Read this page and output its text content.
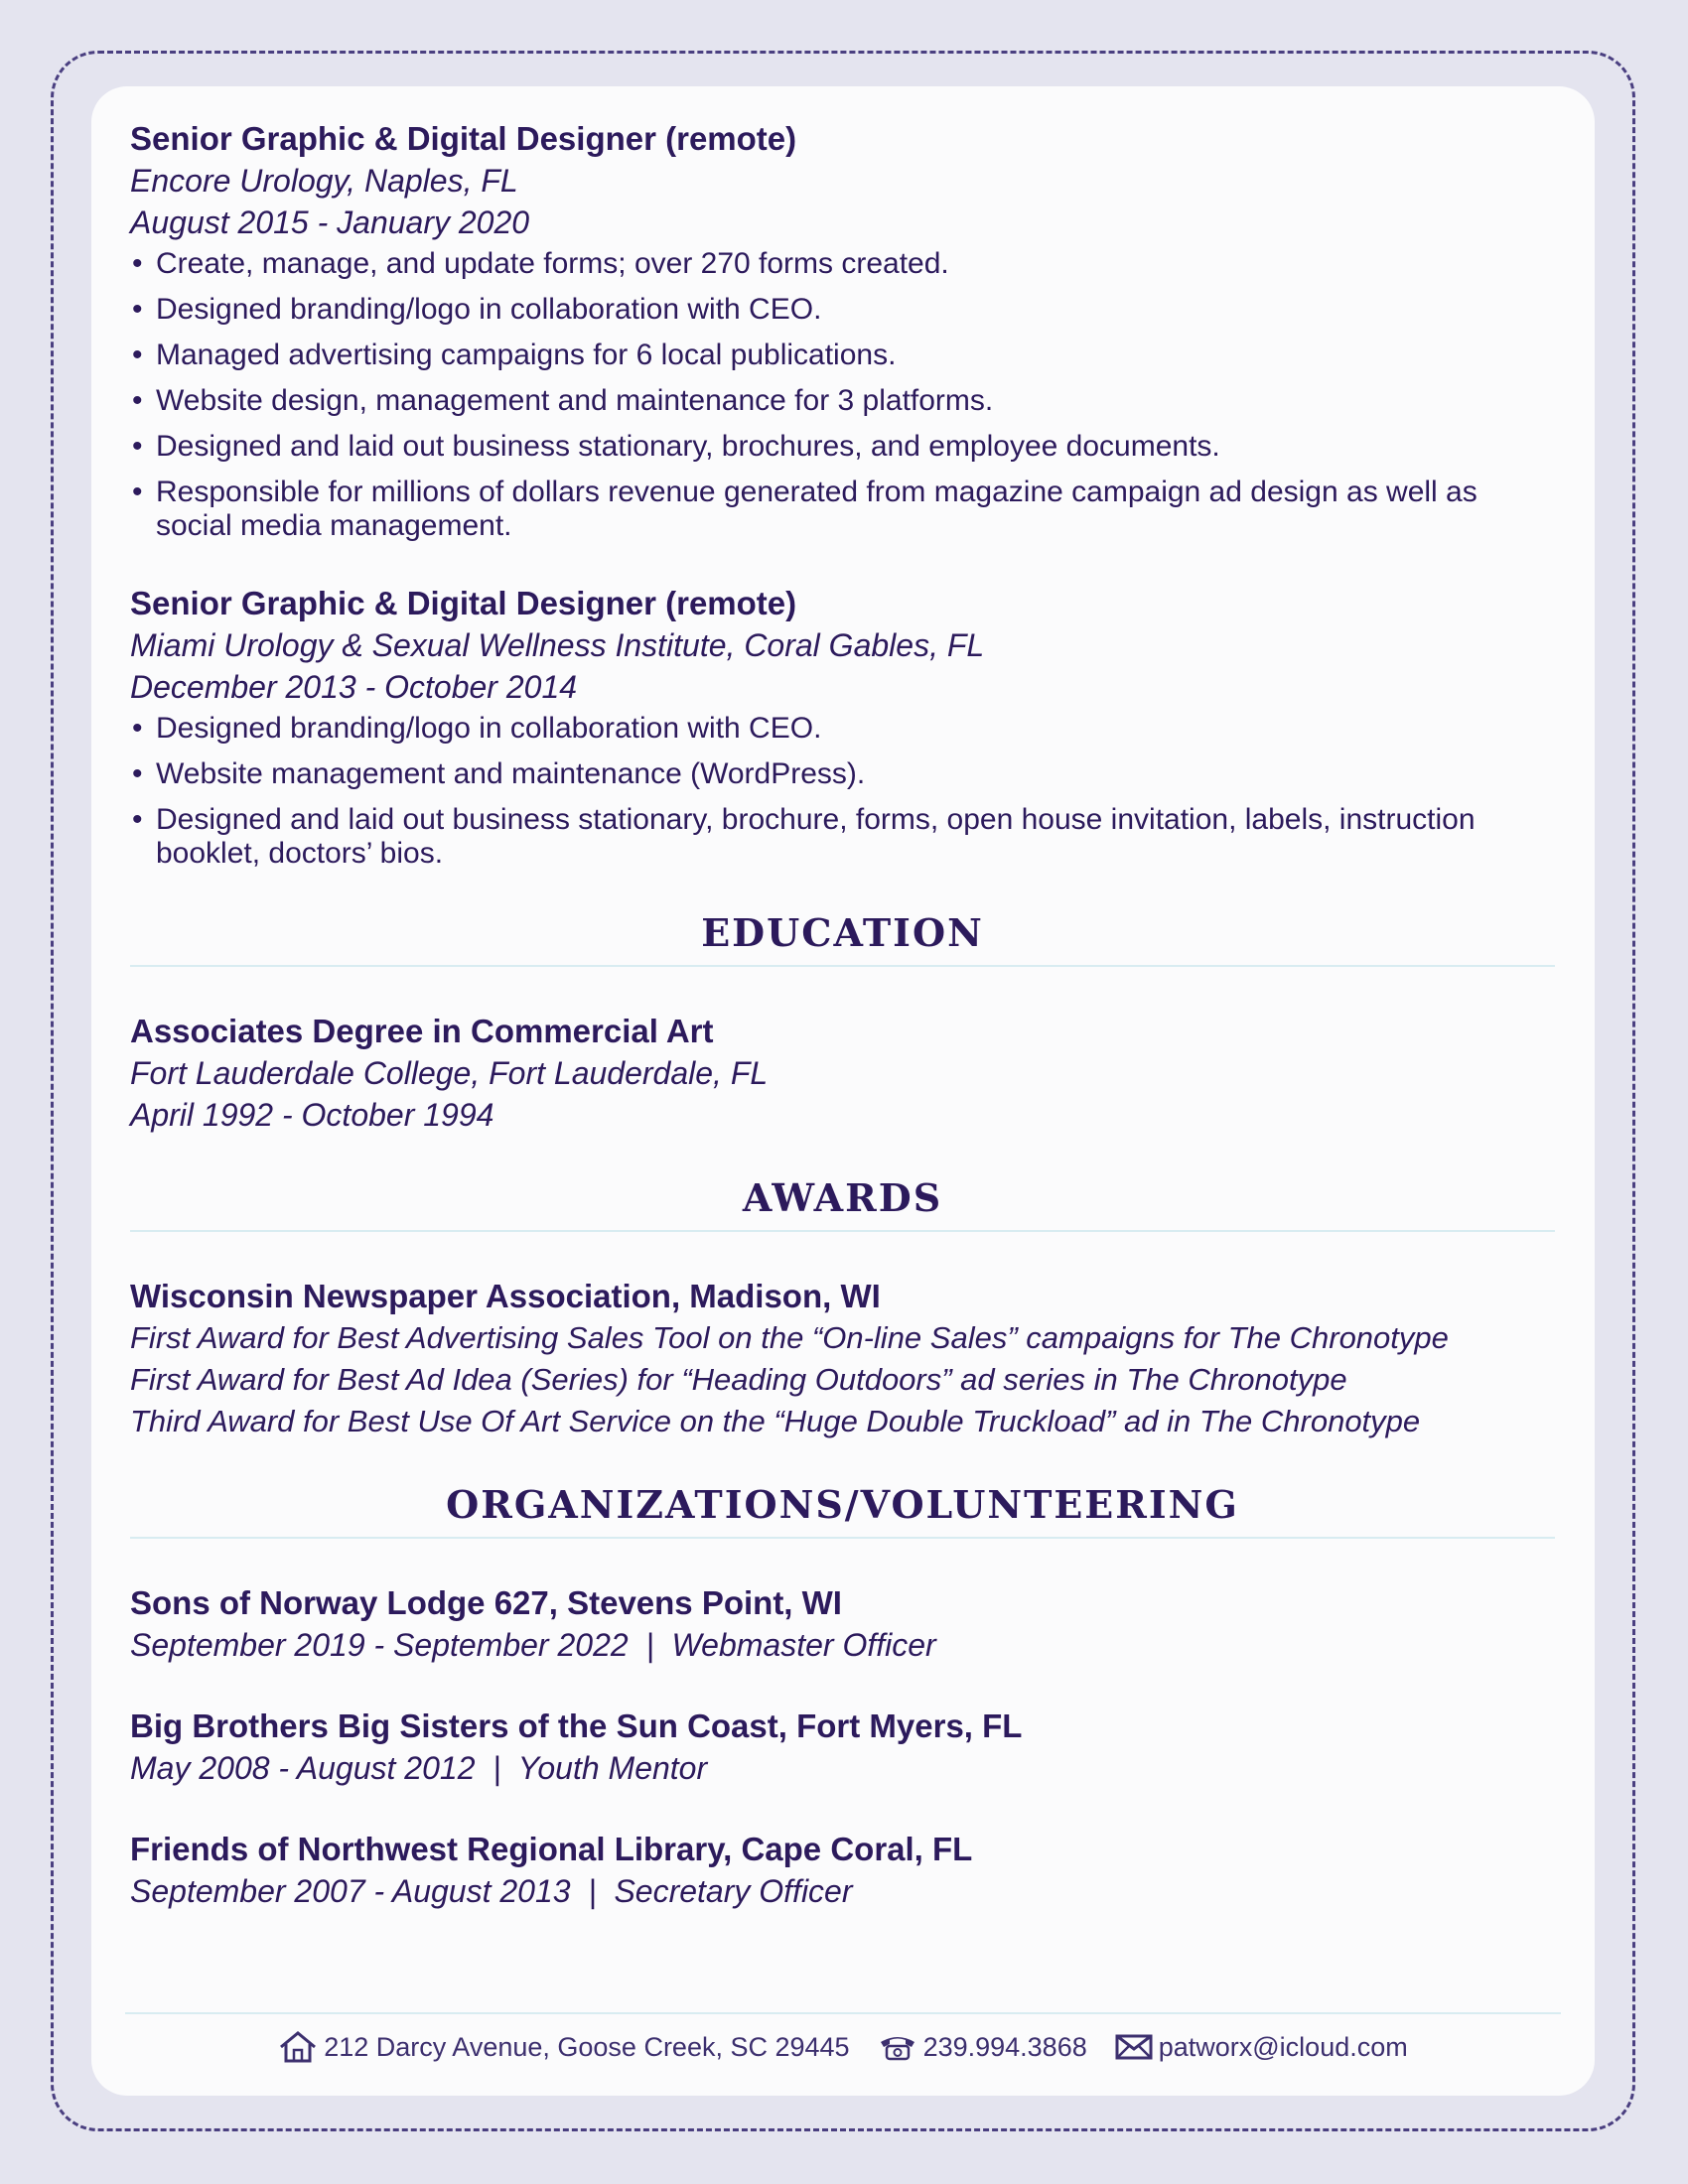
Senior Graphic & Digital Designer (remote)
Encore Urology, Naples, FL
August 2015 - January 2020
• Create, manage, and update forms; over 270 forms created.
• Designed branding/logo in collaboration with CEO.
• Managed advertising campaigns for 6 local publications.
• Website design, management and maintenance for 3 platforms.
• Designed and laid out business stationary, brochures, and employee documents.
• Responsible for millions of dollars revenue generated from magazine campaign ad design as well as social media management.
Senior Graphic & Digital Designer (remote)
Miami Urology & Sexual Wellness Institute, Coral Gables, FL
December 2013 - October 2014
• Designed branding/logo in collaboration with CEO.
• Website management and maintenance (WordPress).
• Designed and laid out business stationary, brochure, forms, open house invitation, labels, instruction booklet, doctors’ bios.
EDUCATION
Associates Degree in Commercial Art
Fort Lauderdale College, Fort Lauderdale, FL
April 1992 - October 1994
AWARDS
Wisconsin Newspaper Association, Madison, WI
First Award for Best Advertising Sales Tool on the “On-line Sales” campaigns for The Chronotype
First Award for Best Ad Idea (Series) for “Heading Outdoors” ad series in The Chronotype
Third Award for Best Use Of Art Service on the “Huge Double Truckload” ad in The Chronotype
ORGANIZATIONS/VOLUNTEERING
Sons of Norway Lodge 627, Stevens Point, WI
September 2019 - September 2022  |  Webmaster Officer
Big Brothers Big Sisters of the Sun Coast, Fort Myers, FL
May 2008 - August 2012  |  Youth Mentor
Friends of Northwest Regional Library, Cape Coral, FL
September 2007 - August 2013  |  Secretary Officer
212 Darcy Avenue, Goose Creek, SC 29445	239.994.3868	patworx@icloud.com
